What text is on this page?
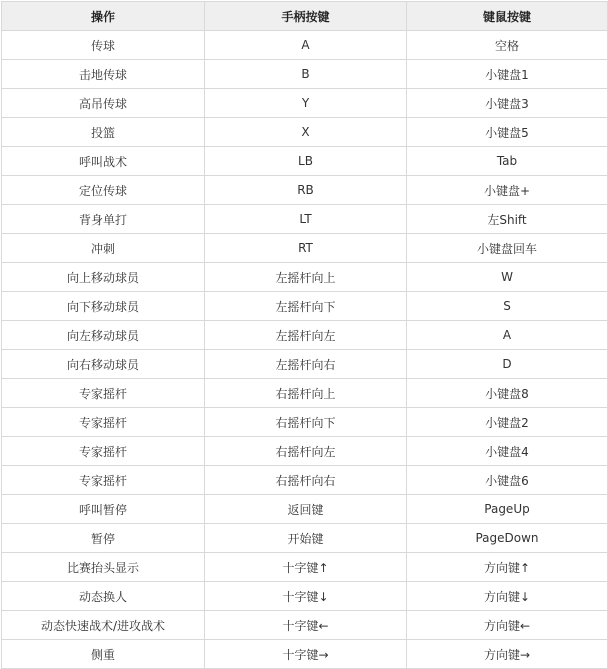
操作	手柄按键	键鼠按键
传球	A	空格
击地传球	B	小键盘1
高吊传球	Y	小键盘3
投篮	X	小键盘5
呼叫战术	LB	Tab
定位传球	RB	小键盘+
背身单打	LT	左Shift
冲刺	RT	小键盘回车
向上移动球员	左摇杆向上	W
向下移动球员	左摇杆向下	S
向左移动球员	左摇杆向左	A
向右移动球员	左摇杆向右	D
专家摇杆	右摇杆向上	小键盘8
专家摇杆	右摇杆向下	小键盘2
专家摇杆	右摇杆向左	小键盘4
专家摇杆	右摇杆向右	小键盘6
呼叫暂停	返回键	PageUp
暂停	开始键	PageDown
比赛抬头显示	十字键↑	方向键↑
动态换人	十字键↓	方向键↓
动态快速战术/进攻战术	十字键←	方向键←
侧重	十字键→	方向键→
